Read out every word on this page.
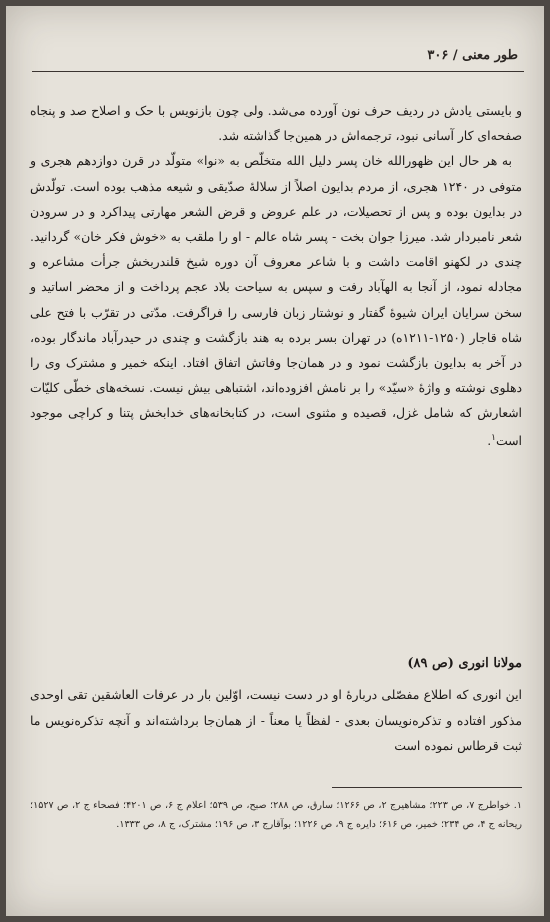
طور معنی / ۳۰۶

و بایستی یادش در ردیف حرف نون آورده می‌شد. ولی چون بازنویس با حک و اصلاح صد و پنجاه صفحه‌ای کار آسانی نبود، ترجمه‌اش در همین‌جا گذاشته شد.

به هر حال این ظهورالله خان پسر دلیل الله متخلّص به «نوا» متولّد در قرن دوازدهم هجری و متوفی در ۱۲۴۰ هجری، از مردم بدایون اصلاً از سلالهٔ صدّیقی و شیعه مذهب بوده است. تولّدش در بدایون بوده و پس از تحصیلات، در علم عروض و قرض الشعر مهارتی پیداکرد و در سرودن شعر نامبردار شد. میرزا جوان بخت - پسر شاه عالم - او را ملقب به «خوش فکر خان» گردانید. چندی در لکهنو اقامت داشت و با شاعر معروف آن دوره شیخ قلندربخش جرأت مشاعره و مجادله نمود، از آنجا به الهآباد رفت و سپس به سیاحت بلاد عجم پرداخت و از محضر اساتید و سخن سرایان ایران شیوهٔ گفتار و نوشتار زبان فارسی را فراگرفت. مدّتی در تقرّب با فتح علی شاه قاجار (۱۲۵۰-۱۲۱۱ه) در تهران بسر برده به هند بازگشت و چندی در حیدرآباد ماندگار بوده، در آخر به بدایون بازگشت نمود و در همان‌جا وفاتش اتفاق افتاد. اینکه خمیر و مشترک وی را دهلوی نوشته و واژهٔ «سیّد» را بر نامش افزوده‌اند، اشتباهی بیش نیست. نسخه‌های خطّی کلیّات اشعارش که شامل غزل، قصیده و مثنوی است، در کتابخانه‌های خدابخش پتنا و کراچی موجود است$^۱$.

مولانا انوری (ص ۸۹)
این انوری که اطلاع مفصّلی دربارهٔ او در دست نیست، اوّلین بار در عرفات العاشقین تقی اوحدی مذکور افتاده و تذکره‌نویسان بعدی - لفظاً یا معناً - از همان‌جا برداشته‌اند و آنچه تذکره‌نویس ما ثبت قرطاس نموده است
۱. خواطرج ۷، ص ۲۲۳؛ مشاهیرج ۲، ص ۱۲۶۶؛ سارق، ص ۲۸۸؛ صبح، ص ۵۳۹؛ اعلام ج ۶، ص ۴۲۰۱؛ فصحاء ج ۲، ص ۱۵۲۷؛ ریحانه ج ۴، ص ۲۳۴؛ خمیر، ص ۶۱۶؛ دایره ج ۹، ص ۱۲۲۶؛ بوآقارج ۳، ص ۱۹۶؛ مشترک، ج ۸، ص ۱۳۳۳.
